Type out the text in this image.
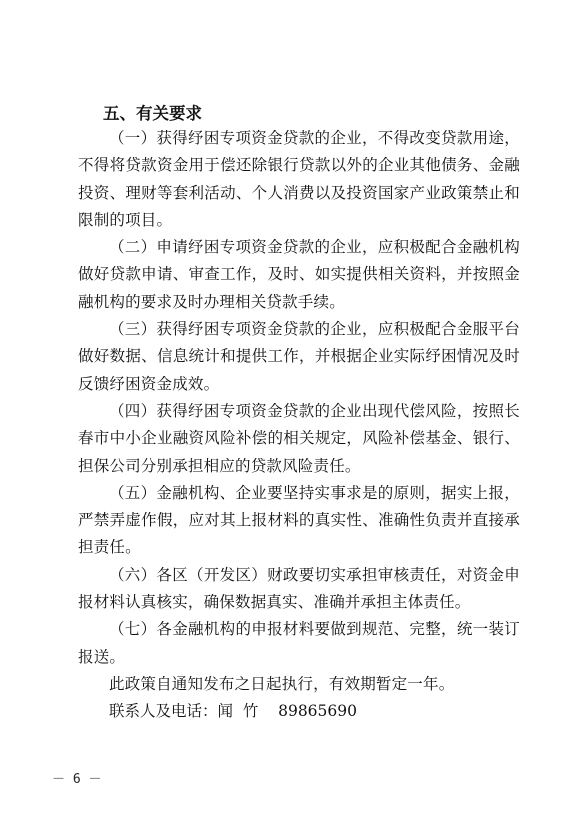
五、有关要求

（一）获得纾困专项资金贷款的企业，不得改变贷款用途，不得将贷款资金用于偿还除银行贷款以外的企业其他债务、金融投资、理财等套利活动、个人消费以及投资国家产业政策禁止和限制的项目。

（二）申请纾困专项资金贷款的企业，应积极配合金融机构做好贷款申请、审查工作，及时、如实提供相关资料，并按照金融机构的要求及时办理相关贷款手续。

（三）获得纾困专项资金贷款的企业，应积极配合金服平台做好数据、信息统计和提供工作，并根据企业实际纾困情况及时反馈纾困资金成效。

（四）获得纾困专项资金贷款的企业出现代偿风险，按照长春市中小企业融资风险补偿的相关规定，风险补偿基金、银行、担保公司分别承担相应的贷款风险责任。

（五）金融机构、企业要坚持实事求是的原则，据实上报，严禁弄虚作假，应对其上报材料的真实性、准确性负责并直接承担责任。

（六）各区（开发区）财政要切实承担审核责任，对资金申报材料认真核实，确保数据真实、准确并承担主体责任。

（七）各金融机构的申报材料要做到规范、完整，统一装订报送。

此政策自通知发布之日起执行，有效期暂定一年。

联系人及电话：闻  竹 89865690

－ 6 －
